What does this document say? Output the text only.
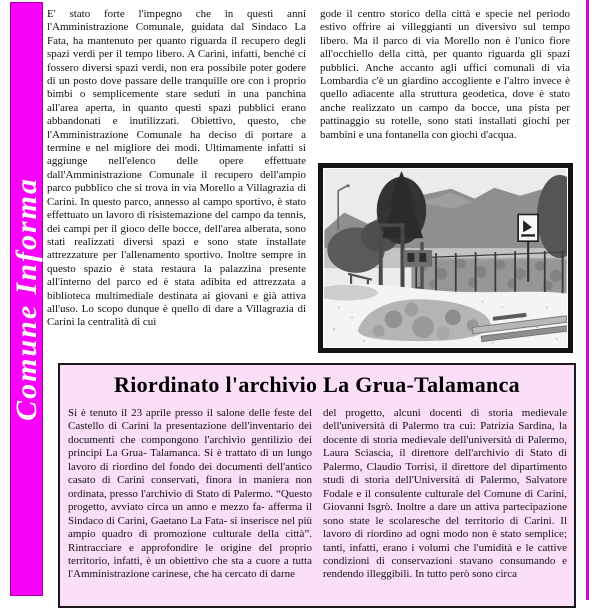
Comune Informa
E' stato forte l'impegno che in questi anni l'Amministrazione Comunale, guidata dal Sindaco La Fata, ha mantenuto per quanto riguarda il recupero degli spazi verdi per il tempo libero. A Carini, infatti, benché ci fossero diversi spazi verdi, non era possibile poter godere di un posto dove passare delle tranquille ore con i proprio bimbi o semplicemente stare seduti in una panchina all'area aperta, in quanto questi spazi pubblici erano abbandonati e inutilizzati. Obiettivo, questo, che l'Amministrazione Comunale ha deciso di portare a termine e nel migliore dei modi. Ultimamente infatti si aggiunge nell'elenco delle opere effettuate dall'Amministrazione Comunale il recupero dell'ampio parco pubblico che si trova in via Morello a Villagrazia di Carini. In questo parco, annesso al campo sportivo, è stato effettuato un lavoro di risistemazione del campo da tennis, dei campi per il gioco delle bocce, dell'area alberata, sono stati realizzati diversi spazi e sono state installate attrezzature per l'allenamento sportivo. Inoltre sempre in questo spazio è stata restaura la palazzina presente all'interno del parco ed è stata adibita ed attrezzata a biblioteca multimediale destinata ai giovani e già attiva all'uso. Lo scopo dunque è quello di dare a Villagrazia di Carini la centralità di cui
gode il centro storico della città e specie nel periodo estivo offrire ai villeggianti un diversivo sul tempo libero. Ma il parco di via Morello non è l'unico fiore all'occhiello della città, per quanto riguarda gli spazi pubblici. Anche accanto agli uffici comunali di via Lombardia c'è un giardino accogliente e l'altro invece è quello adiacente alla struttura geodetica, dove è stato anche realizzato un campo da bocce, una pista per pattinaggio su rotelle, sono stati installati giochi per bambini e una fontanella con giochi d'acqua.
Riordinato l'archivio La Grua-Talamanca
Si è tenuto il 23 aprile presso il salone delle feste del Castello di Carini la presentazione dell'inventario dei documenti che compongono l'archivio gentilizio dei principi La Grua- Talamanca. Si è trattato di un lungo lavoro di riordino del fondo dei documenti dell'antico casato di Carini conservati, finora in maniera non ordinata, presso l'archivio di Stato di Palermo. “Questo progetto, avviato circa un anno e mezzo fa- afferma il Sindaco di Carini, Gaetano La Fata- si inserisce nel più ampio quadro di promozione culturale della città”. Rintracciare e approfondire le origine del proprio territorio, infatti, è un obiettivo che sta a cuore a tutta l'Amministrazione carinese, che ha cercato di darne
del progetto, alcuni docenti di storia medievale dell'università di Palermo tra cui: Patrizia Sardina, la docente di storia medievale dell'università di Palermo, Laura Sciascia, il direttore dell'archivio di Stato di Palermo, Claudio Torrisi, il direttore del dipartimento studi di storia dell'Università di Palermo, Salvatore Fodale e il consulente culturale del Comune di Carini, Giovanni Isgrò. Inoltre a dare un attiva partecipazione sono state le scolaresche del territorio di Carini. Il lavoro di riordino ad ogni modo non è stato semplice; tanti, infatti, erano i volumi che l'umidità e le cattive condizioni di conservazioni stavano consumando e rendendo illeggibili. In tutto però sono circa
